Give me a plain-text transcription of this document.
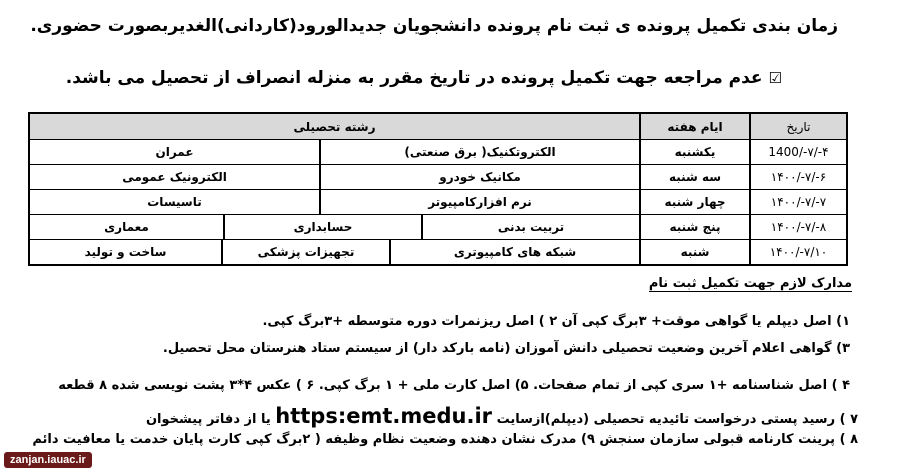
زمان بندی تکمیل پرونده ی ثبت نام پرونده دانشجویان جدیدالورود(کاردانی)الغدیربصورت حضوری.
☑عدم مراجعه جهت تکمیل پرونده در تاریخ مقرر به منزله انصراف از تحصیل می باشد.
تاریخ
ایام هفته
رشته تحصیلی
1400/-۷/-۴
یکشنبه
الکتروتکنیک( برق صنعتی)
عمران
۱۴۰۰/-۷/-۶
سه شنبه
مکانیک خودرو
الکترونیک عمومی
۱۴۰۰/-۷/-۷
چهار شنبه
نرم افزارکامپیوتر
تاسیسات
۱۴۰۰/-۷/-۸
پنج شنبه
تربیت بدنی
حسابداری
معماری
۱۴۰۰/-۷/۱۰
شنبه
شبکه های کامپیوتری
تجهیزات پزشکی
ساخت و تولید
مدارک لازم جهت تکمیل ثبت نام
۱) اصل دیپلم یا گواهی موقت+ ۳برگ کپی آن ۲ ) اصل ریزنمرات دوره متوسطه +۳برگ کپی.
۳) گواهی اعلام آخرین وضعیت تحصیلی دانش آموزان (نامه بارکد دار) از سیستم ستاد هنرستان محل تحصیل.
۴ ) اصل شناسنامه +۱ سری کپی از تمام صفحات. ۵) اصل کارت ملی + ۱ برگ کپی. ۶ ) عکس ۴*۳ پشت نویسی شده ۸ قطعه
۷ ) رسید پستی درخواست تائیدیه تحصیلی (دیپلم)ازسایت https:emt.medu.ir یا از دفاتر پیشخوان
۸ ) پرینت کارنامه قبولی سازمان سنجش ۹) مدرک نشان دهنده وضعیت نظام وظیفه ( ۲برگ کپی کارت پایان خدمت یا معافیت دائم
zanjan.iauac.ir
